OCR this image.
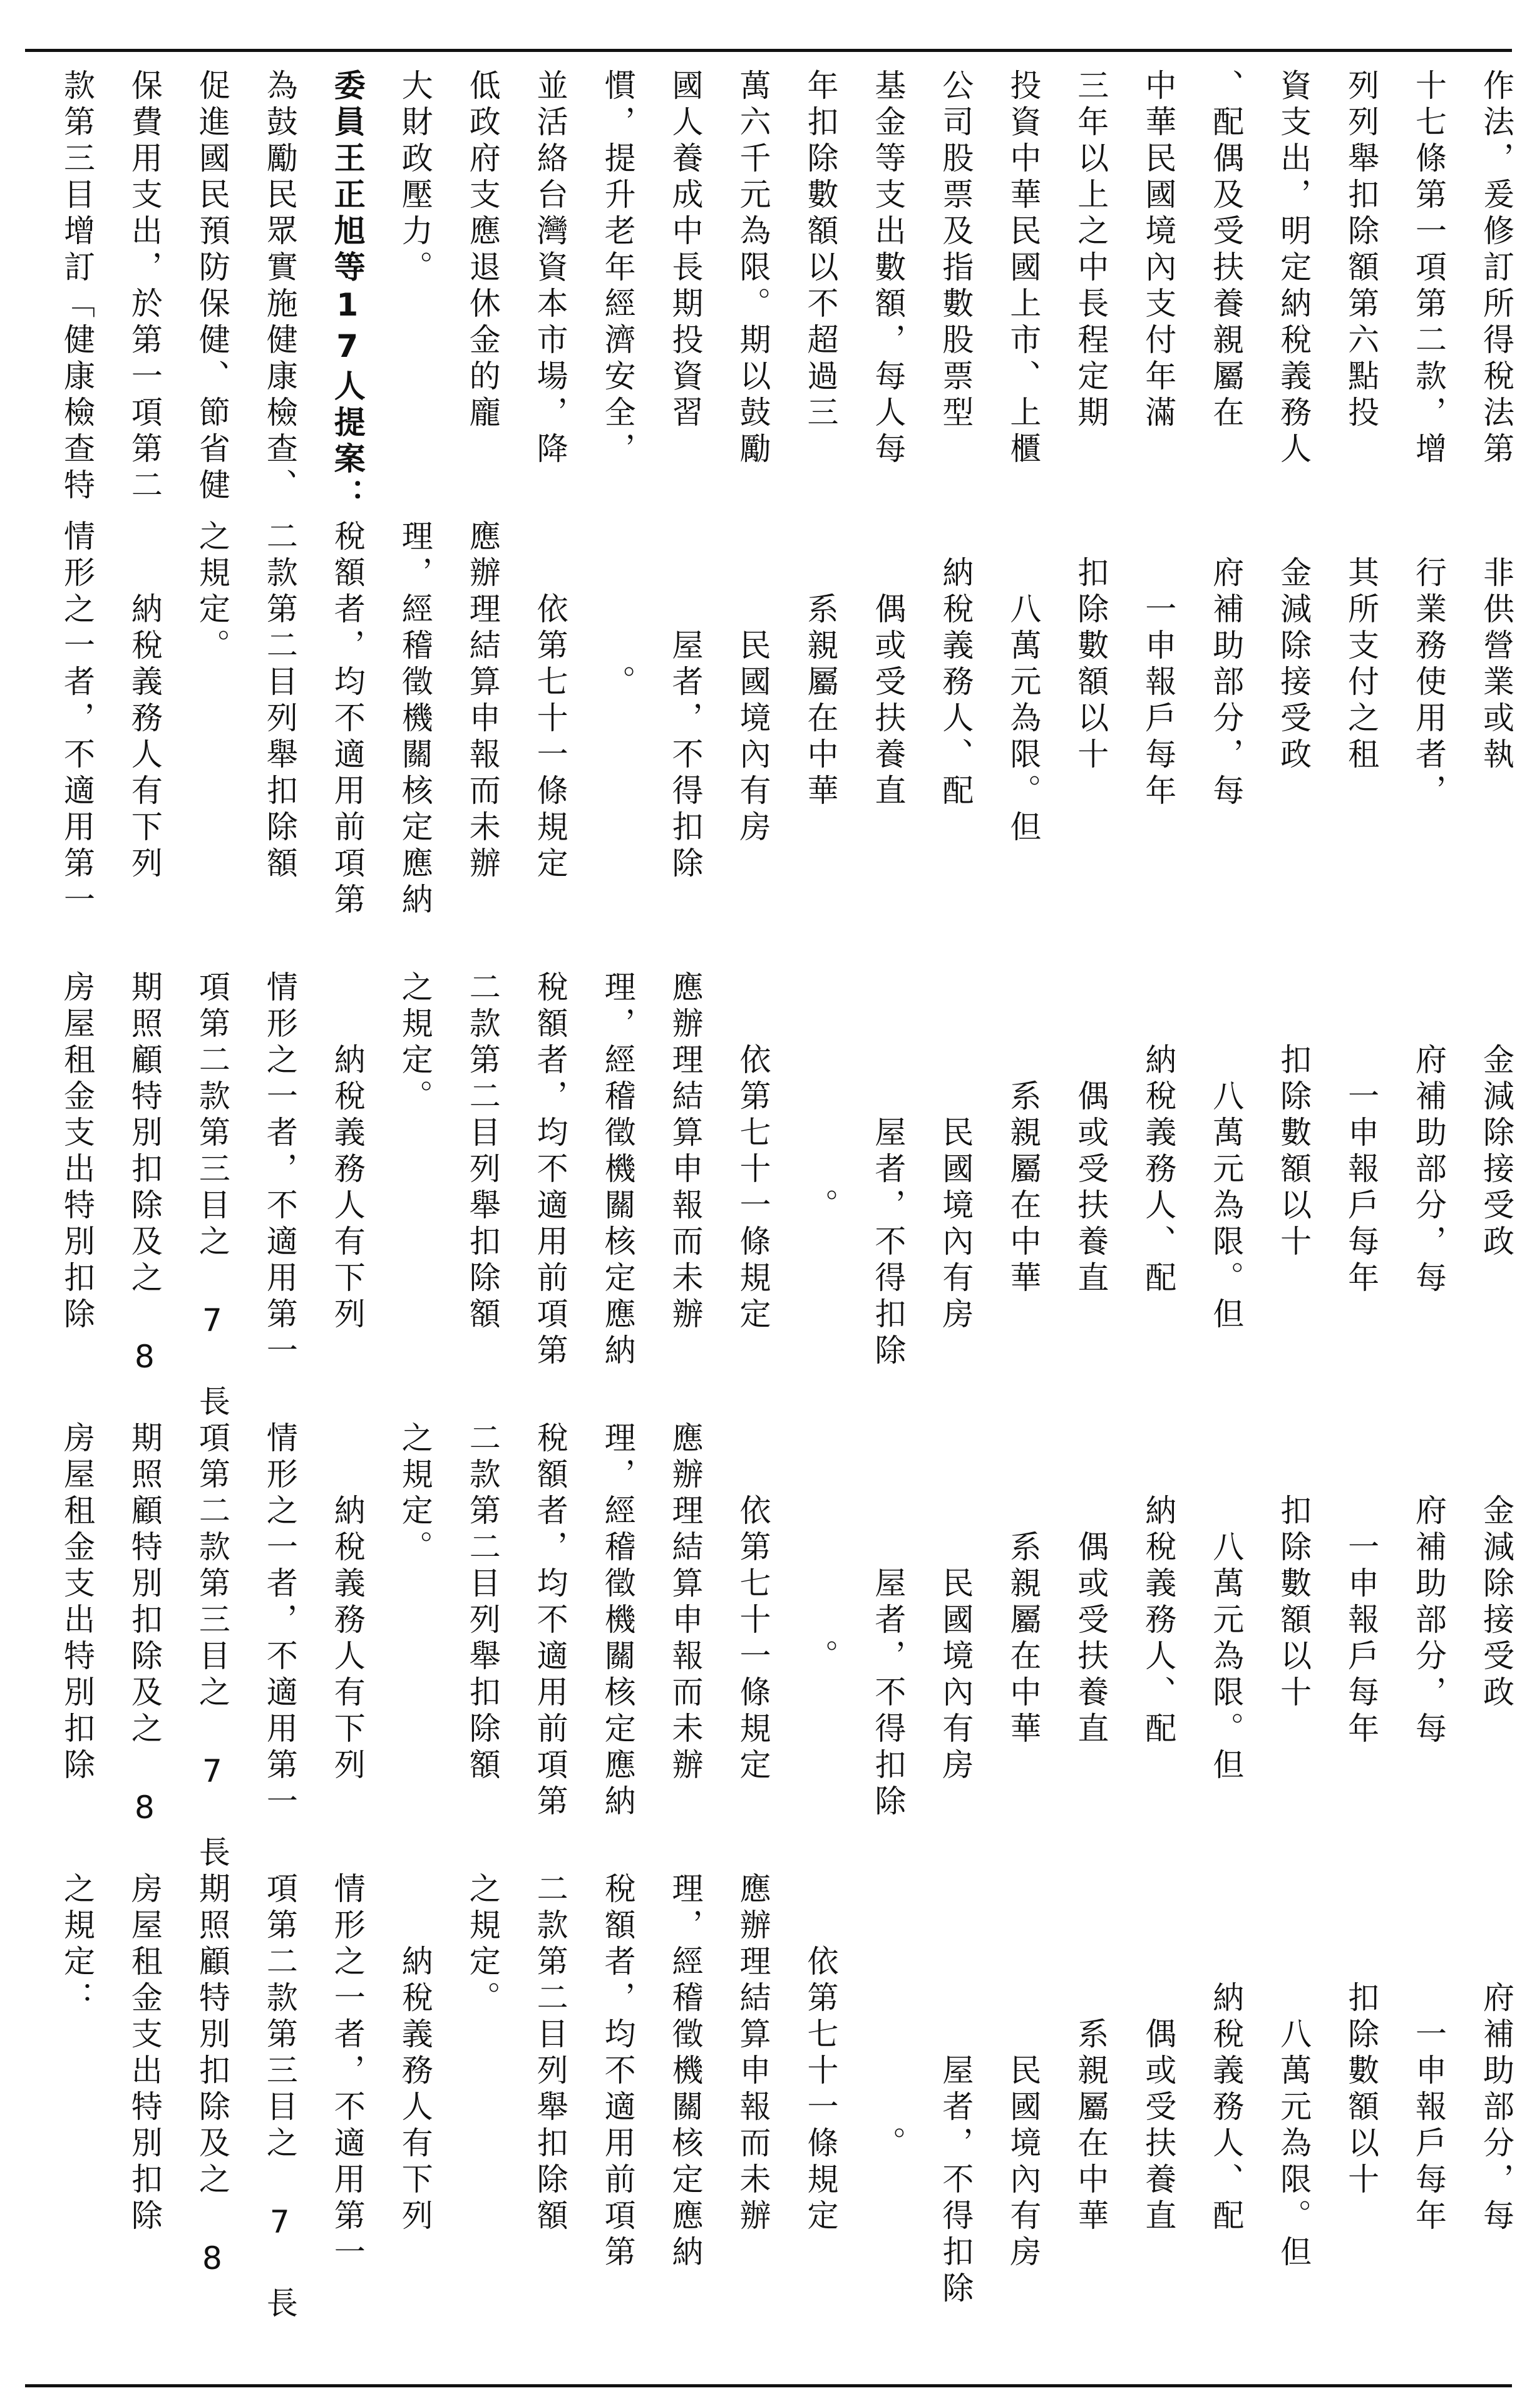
作法，爰修訂所得稅法第
十七條第一項第二款，增
列列舉扣除額第六點投
資支出，明定納稅義務人
、配偶及受扶養親屬在
中華民國境內支付年滿
三年以上之中長程定期
投資中華民國上市、上櫃
公司股票及指數股票型
基金等支出數額，每人每
年扣除數額以不超過三
萬六千元為限。期以鼓勵
國人養成中長期投資習
慣，提升老年經濟安全，
並活絡台灣資本市場，降
低政府支應退休金的龐
大財政壓力。
委員王正旭等17人提案：
為鼓勵民眾實施健康檢查、
促進國民預防保健、節省健
保費用支出，於第一項第二
款第三目增訂「健康檢查特
非供營業或執
行業務使用者，
其所支付之租
金減除接受政
府補助部分，每
一申報戶每年
扣除數額以十
八萬元為限。但
納稅義務人、配
偶或受扶養直
系親屬在中華
民國境內有房
屋者，不得扣除
。
依第七十一條規定
應辦理結算申報而未辦
理，經稽徵機關核定應納
稅額者，均不適用前項第
二款第二目列舉扣除額
之規定。
納稅義務人有下列
情形之一者，不適用第一
金減除接受政
府補助部分，每
一申報戶每年
扣除數額以十
八萬元為限。但
納稅義務人、配
偶或受扶養直
系親屬在中華
民國境內有房
屋者，不得扣除
。
依第七十一條規定
應辦理結算申報而未辦
理，經稽徵機關核定應納
稅額者，均不適用前項第
二款第二目列舉扣除額
之規定。
納稅義務人有下列
情形之一者，不適用第一
項第二款第三目之 7 長
期照顧特別扣除及之 8
房屋租金支出特別扣除
金減除接受政
府補助部分，每
一申報戶每年
扣除數額以十
八萬元為限。但
納稅義務人、配
偶或受扶養直
系親屬在中華
民國境內有房
屋者，不得扣除
。
依第七十一條規定
應辦理結算申報而未辦
理，經稽徵機關核定應納
稅額者，均不適用前項第
二款第二目列舉扣除額
之規定。
納稅義務人有下列
情形之一者，不適用第一
項第二款第三目之 7 長
期照顧特別扣除及之 8
房屋租金支出特別扣除
府補助部分，每
一申報戶每年
扣除數額以十
八萬元為限。但
納稅義務人、配
偶或受扶養直
系親屬在中華
民國境內有房
屋者，不得扣除
。
依第七十一條規定
應辦理結算申報而未辦
理，經稽徵機關核定應納
稅額者，均不適用前項第
二款第二目列舉扣除額
之規定。
納稅義務人有下列
情形之一者，不適用第一
項第二款第三目之 7 長
期照顧特別扣除及之 8
房屋租金支出特別扣除
之規定：
